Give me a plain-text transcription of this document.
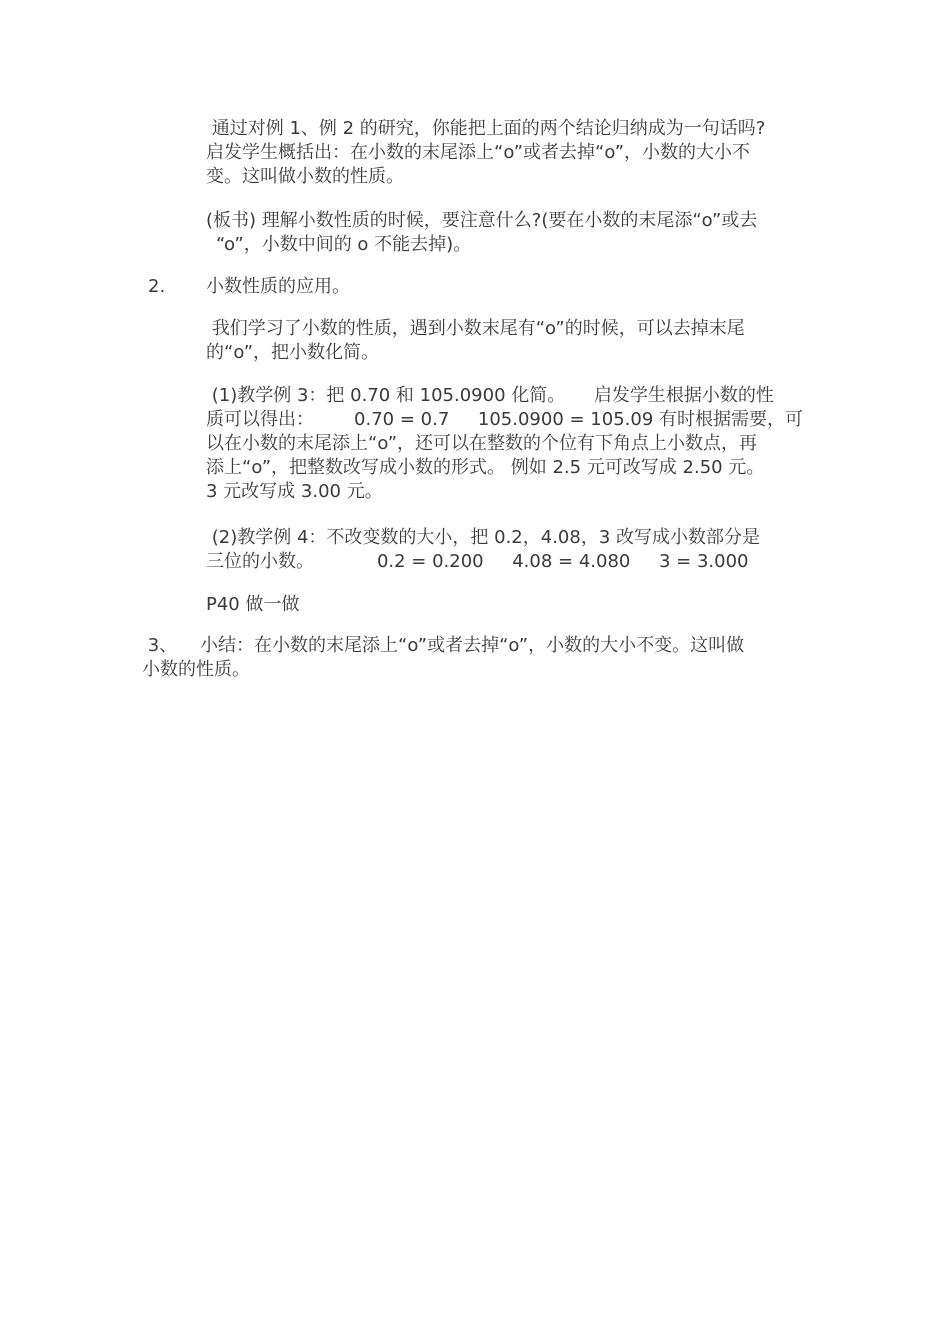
通过对例 1、例 2 的研究，你能把上面的两个结论归纳成为一句话吗?
启发学生概括出：在小数的末尾添上“o”或者去掉“o”，小数的大小不
变。这叫做小数的性质。

(板书) 理解小数性质的时候，要注意什么?(要在小数的末尾添“o”或去
“o”，小数中间的 o 不能去掉)。

2. 小数性质的应用。

我们学习了小数的性质，遇到小数末尾有“o”的时候，可以去掉末尾
的“o”，把小数化简。

(1)教学例 3：把 0.70 和 105.0900 化简。     启发学生根据小数的性
质可以得出：       0.70 = 0.7     105.0900 = 105.09 有时根据需要，可
以在小数的末尾添上“o”，还可以在整数的个位有下角点上小数点，再
添上“o”，把整数改写成小数的形式。 例如 2.5 元可改写成 2.50 元。
3 元改写成 3.00 元。

(2)教学例 4：不改变数的大小，把 0.2，4.08，3 改写成小数部分是
三位的小数。           0.2 = 0.200     4.08 = 4.080     3 = 3.000

P40 做一做

3、    小结：在小数的末尾添上“o”或者去掉“o”，小数的大小不变。这叫做
小数的性质。
